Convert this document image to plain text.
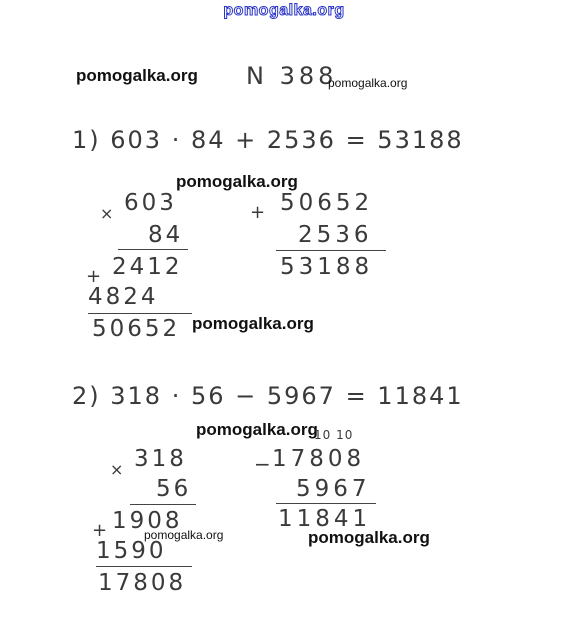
pomogalka.org
pomogalka.org N 388
pomogalka.org
1) 603 · 84 + 2536 = 53188
pomogalka.org
× 603
84
2412
+
4824
50652 pomogalka.org
+ 50652
2536
53188
2) 318 · 56 − 5967 = 11841
pomogalka.org
10 10
× 318
56
1908
+	pomogalka.org
1590
17808
−
17808
5967
11841
pomogalka.org
